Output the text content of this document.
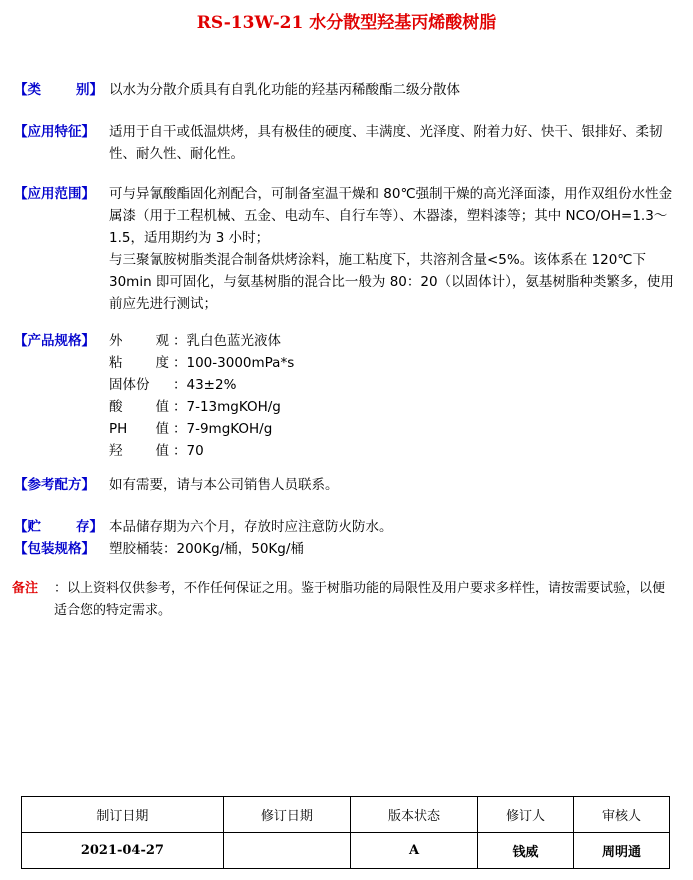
RS-13W-21 水分散型羟基丙烯酸树脂
【 类	别 】 以水为分散介质具有自乳化功能的羟基丙稀酸酯二级分散体
【应用特征】	适用于自干或低温烘烤，具有极佳的硬度、丰满度、光泽度、附着力好、快干、银排好、柔韧性、耐久性、耐化性。
【应用范围】	可与异氰酸酯固化剂配合，可制备室温干燥和 80℃强制干燥的高光泽面漆，用作双组份水性金属漆（用于工程机械、五金、电动车、自行车等）、木器漆，塑料漆等；其中 NCO/OH=1.3～1.5，适用期约为 3 小时；
与三聚氰胺树脂类混合制备烘烤涂料，施工粘度下，共溶剂含量<5%。该体系在 120℃下 30min 即可固化，与氨基树脂的混合比一般为 80：20（以固体计），氨基树脂种类繁多，使用前应先进行测试；
【产品规格】	外 观 ： 乳白色蓝光液体
粘 度 ： 100-3000mPa*s
固体份 ： 43±2%
酸 值 ： 7-13mgKOH/g
PH 值 ： 7-9mgKOH/g
羟 值 ： 70
【参考配方】	如有需要，请与本公司销售人员联系。
【 贮	存 】 本品储存期为六个月，存放时应注意防火防水。
【包装规格】	塑胶桶装：200Kg/桶，50Kg/桶
备注 ：以上资料仅供参考，不作任何保证之用。鉴于树脂功能的局限性及用户要求多样性，请按需要试验，以便适合您的特定需求。
制订日期	修订日期	版本状态	修订人	审核人
2021-04-27		A	钱威	周明通
